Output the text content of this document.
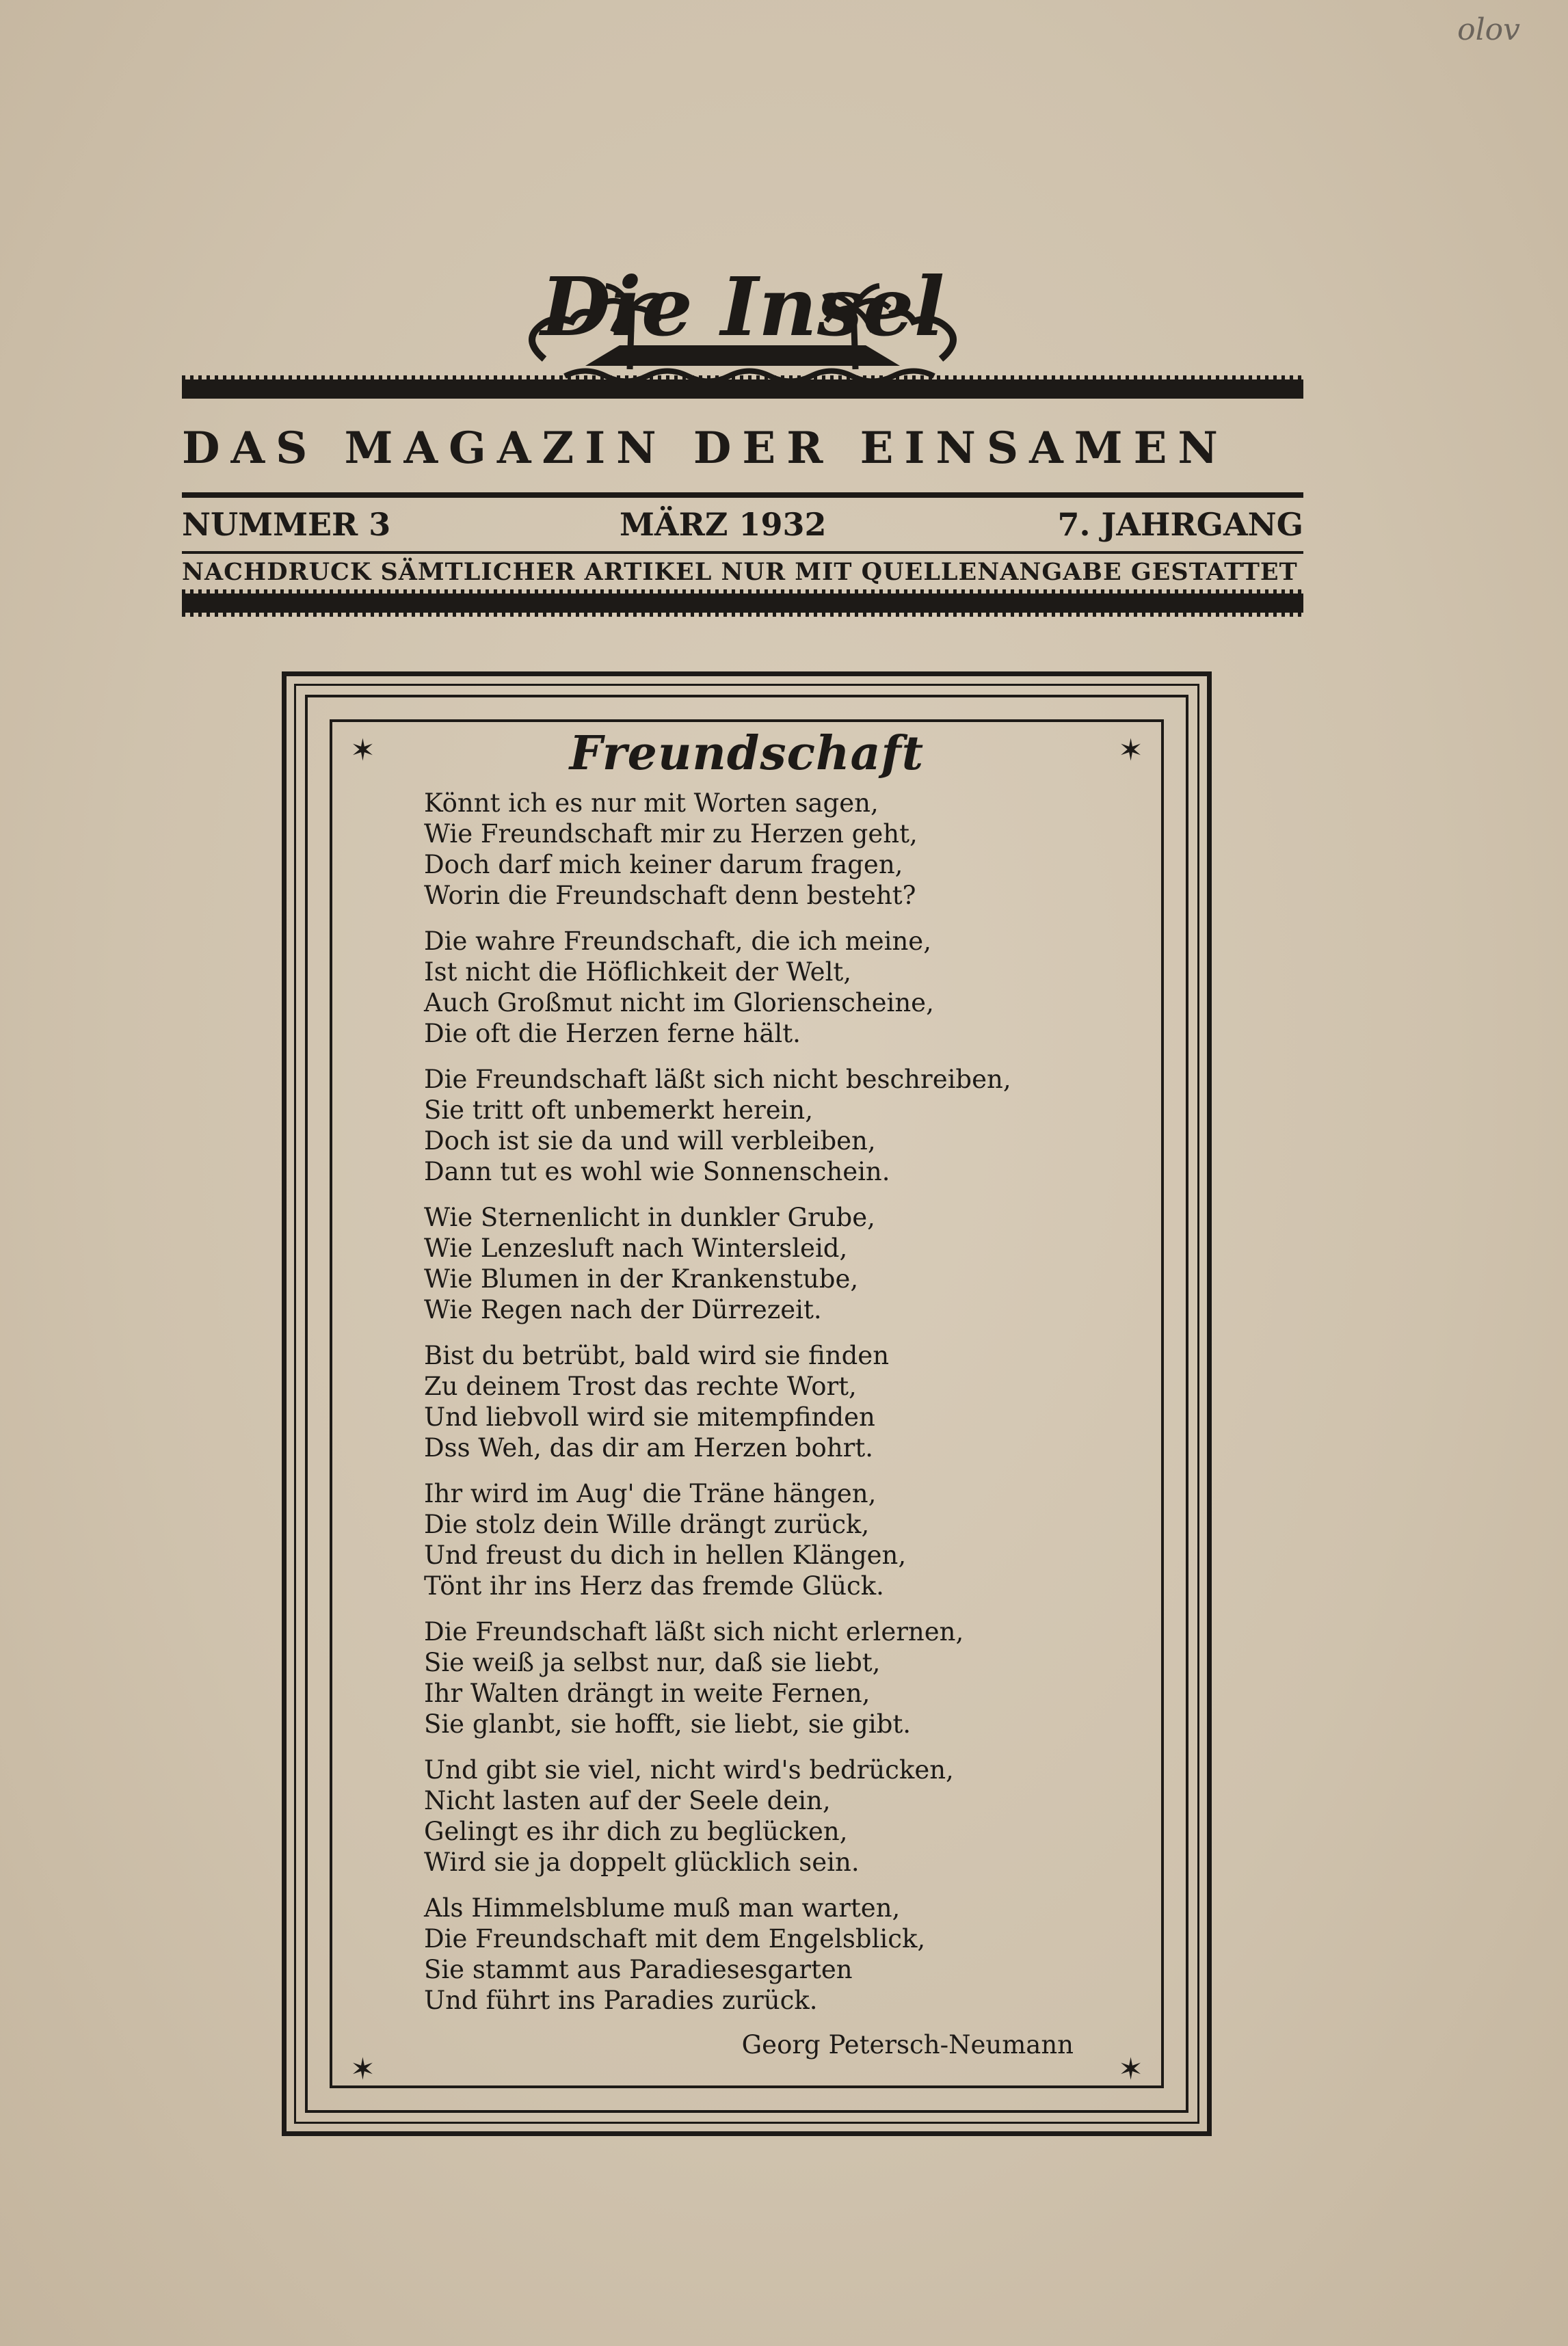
olov
Die Insel
DAS MAGAZIN DER EINSAMEN
NUMMER 3	MÄRZ 1932	7. JAHRGANG
NACHDRUCK SÄMTLICHER ARTIKEL NUR MIT QUELLENANGABE GESTATTET
✶	✶
✶	✶
Freundschaft
Könnt ich es nur mit Worten sagen,
Wie Freundschaft mir zu Herzen geht,
Doch darf mich keiner darum fragen,
Worin die Freundschaft denn besteht?
Die wahre Freundschaft, die ich meine,
Ist nicht die Höflichkeit der Welt,
Auch Großmut nicht im Glorienscheine,
Die oft die Herzen ferne hält.
Die Freundschaft läßt sich nicht beschreiben,
Sie tritt oft unbemerkt herein,
Doch ist sie da und will verbleiben,
Dann tut es wohl wie Sonnenschein.
Wie Sternenlicht in dunkler Grube,
Wie Lenzesluft nach Wintersleid,
Wie Blumen in der Krankenstube,
Wie Regen nach der Dürrezeit.
Bist du betrübt, bald wird sie finden
Zu deinem Trost das rechte Wort,
Und liebvoll wird sie mitempfinden
Dss Weh, das dir am Herzen bohrt.
Ihr wird im Aug' die Träne hängen,
Die stolz dein Wille drängt zurück,
Und freust du dich in hellen Klängen,
Tönt ihr ins Herz das fremde Glück.
Die Freundschaft läßt sich nicht erlernen,
Sie weiß ja selbst nur, daß sie liebt,
Ihr Walten drängt in weite Fernen,
Sie glanbt, sie hofft, sie liebt, sie gibt.
Und gibt sie viel, nicht wird's bedrücken,
Nicht lasten auf der Seele dein,
Gelingt es ihr dich zu beglücken,
Wird sie ja doppelt glücklich sein.
Als Himmelsblume muß man warten,
Die Freundschaft mit dem Engelsblick,
Sie stammt aus Paradiesesgarten
Und führt ins Paradies zurück.
Georg Petersch-Neumann
